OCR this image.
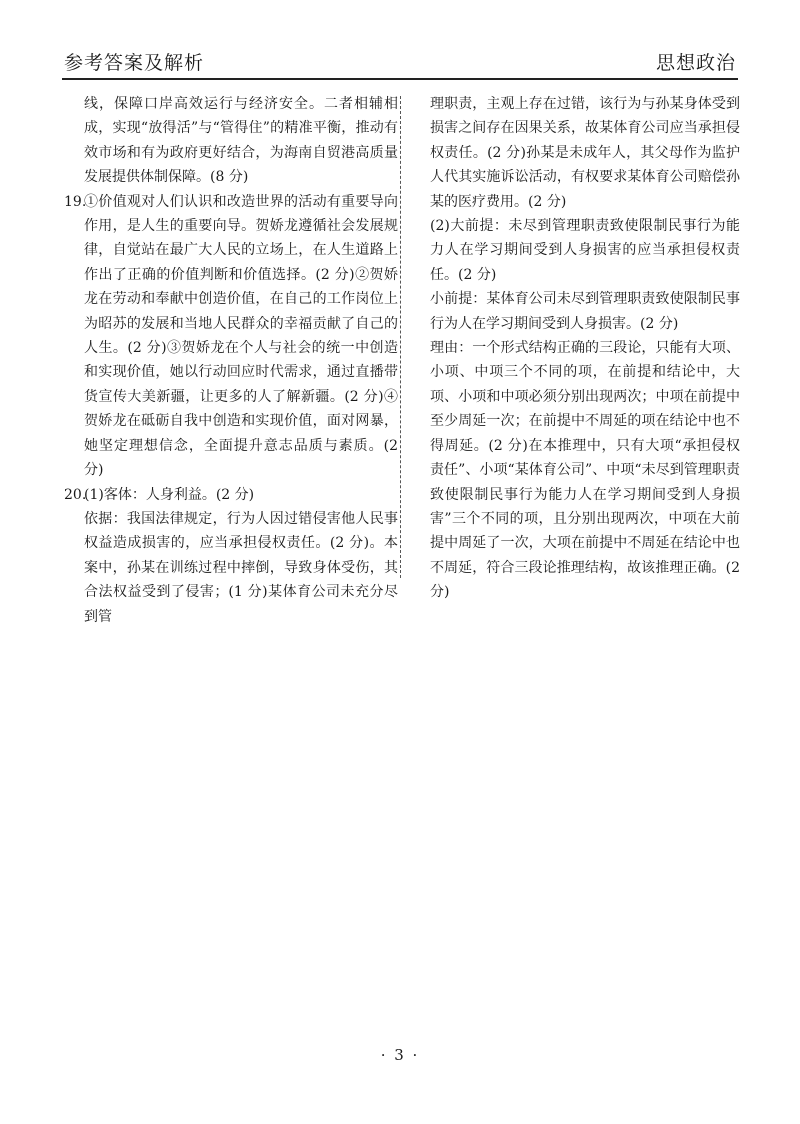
参考答案及解析	思想政治

线，保障口岸高效运行与经济安全。二者相辅相成，实现“放得活”与“管得住”的精准平衡，推动有效市场和有为政府更好结合，为海南自贸港高质量发展提供体制保障。(8 分)

19.
①价值观对人们认识和改造世界的活动有重要导向作用，是人生的重要向导。贺娇龙遵循社会发展规律，自觉站在最广大人民的立场上，在人生道路上作出了正确的价值判断和价值选择。(2 分)②贺娇龙在劳动和奉献中创造价值，在自己的工作岗位上为昭苏的发展和当地人民群众的幸福贡献了自己的人生。(2 分)③贺娇龙在个人与社会的统一中创造和实现价值，她以行动回应时代需求，通过直播带货宣传大美新疆，让更多的人了解新疆。(2 分)④贺娇龙在砥砺自我中创造和实现价值，面对网暴，她坚定理想信念，全面提升意志品质与素质。(2 分)
20.
(1)客体：人身利益。(2 分)

依据：我国法律规定，行为人因过错侵害他人民事权益造成损害的，应当承担侵权责任。(2 分)。本案中，孙某在训练过程中摔倒，导致身体受伤，其合法权益受到了侵害；(1 分)某体育公司未充分尽到管

理职责，主观上存在过错，该行为与孙某身体受到损害之间存在因果关系，故某体育公司应当承担侵权责任。(2 分)孙某是未成年人，其父母作为监护人代其实施诉讼活动，有权要求某体育公司赔偿孙某的医疗费用。(2 分)

(2)大前提：未尽到管理职责致使限制民事行为能力人在学习期间受到人身损害的应当承担侵权责任。(2 分)

小前提：某体育公司未尽到管理职责致使限制民事行为人在学习期间受到人身损害。(2 分)

理由：一个形式结构正确的三段论，只能有大项、小项、中项三个不同的项，在前提和结论中，大项、小项和中项必须分别出现两次；中项在前提中至少周延一次；在前提中不周延的项在结论中也不得周延。(2 分)在本推理中，只有大项“承担侵权责任”、小项“某体育公司”、中项“未尽到管理职责致使限制民事行为能力人在学习期间受到人身损害”三个不同的项，且分别出现两次，中项在大前提中周延了一次，大项在前提中不周延在结论中也不周延，符合三段论推理结构，故该推理正确。(2 分)

· 3 ·
